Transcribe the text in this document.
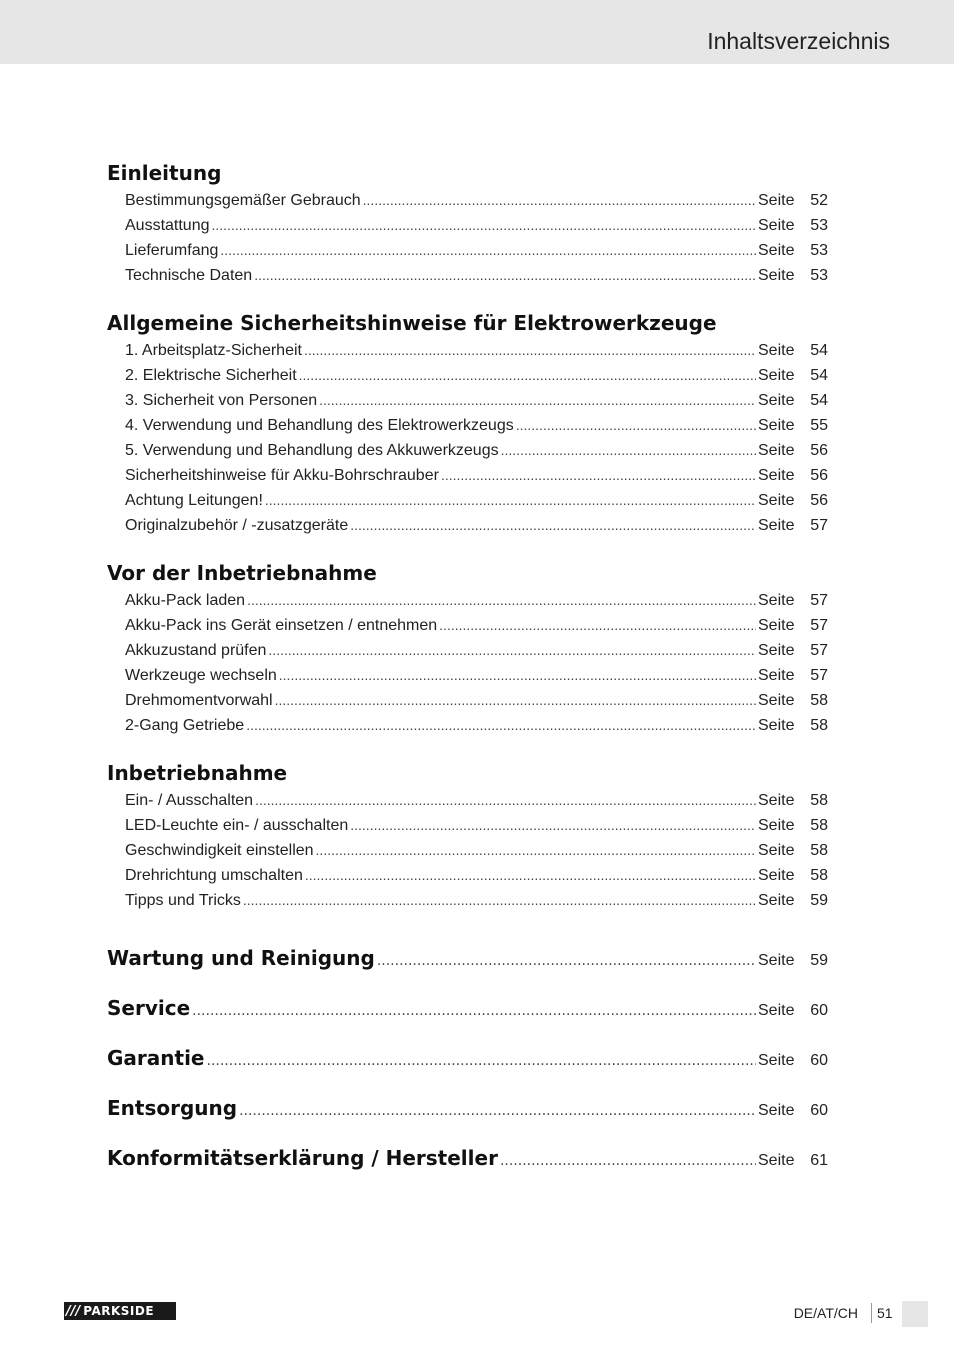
Inhaltsverzeichnis
Einleitung
Bestimmungsgemäßer Gebrauch .....	Seite 52
Ausstattung .....	Seite 53
Lieferumfang .....	Seite 53
Technische Daten .....	Seite 53
Allgemeine Sicherheitshinweise für Elektrowerkzeuge
1. Arbeitsplatz-Sicherheit .....	Seite 54
2. Elektrische Sicherheit .....	Seite 54
3. Sicherheit von Personen .....	Seite 54
4. Verwendung und Behandlung des Elektrowerkzeugs .....	Seite 55
5. Verwendung und Behandlung des Akkuwerkzeugs .....	Seite 56
Sicherheitshinweise für Akku-Bohrschrauber .....	Seite 56
Achtung Leitungen! .....	Seite 56
Originalzubehör / -zusatzgeräte .....	Seite 57
Vor der Inbetriebnahme
Akku-Pack laden .....	Seite 57
Akku-Pack ins Gerät einsetzen / entnehmen .....	Seite 57
Akkuzustand prüfen .....	Seite 57
Werkzeuge wechseln .....	Seite 57
Drehmomentvorwahl .....	Seite 58
2-Gang Getriebe .....	Seite 58
Inbetriebnahme
Ein- / Ausschalten .....	Seite 58
LED-Leuchte ein- / ausschalten .....	Seite 58
Geschwindigkeit einstellen .....	Seite 58
Drehrichtung umschalten .....	Seite 58
Tipps und Tricks .....	Seite 59
Wartung und Reinigung .....	Seite 59
Service .....	Seite 60
Garantie .....	Seite 60
Entsorgung .....	Seite 60
Konformitätserklärung / Hersteller .....	Seite 61
/// PARKSIDE	DE/AT/CH 51
